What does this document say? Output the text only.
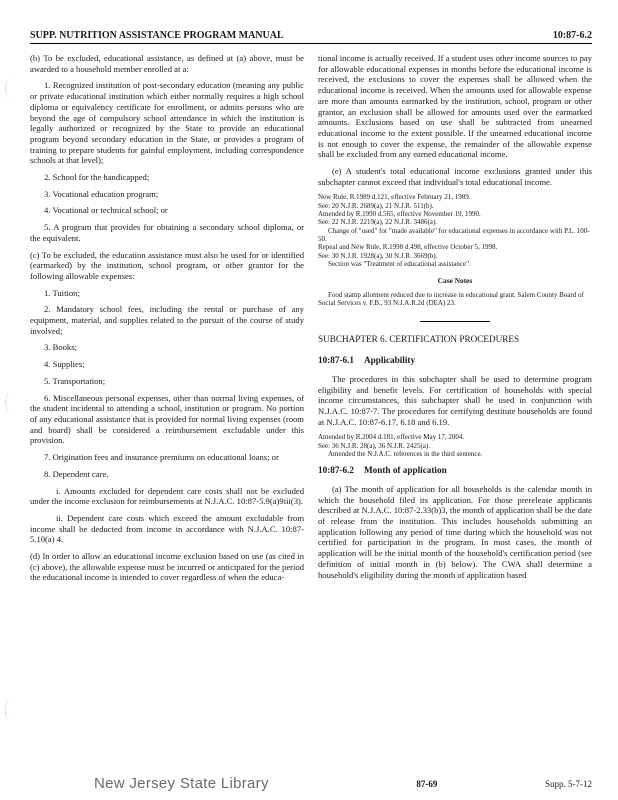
SUPP. NUTRITION ASSISTANCE PROGRAM MANUAL	10:87-6.2

(b) To be excluded, educational assistance, as defined at (a) above, must be awarded to a household member enrolled at a:

1. Recognized institution of post-secondary education (meaning any public or private educational institution which either normally requires a high school diploma or equivalency certificate for enrollment, or admits persons who are beyond the age of compulsory school attendance in which the institution is legally authorized or recognized by the State to provide an educational program beyond secondary education in the State, or provides a program of training to prepare students for gainful employment, including correspondence schools at that level);

2. School for the handicapped;

3. Vocational education program;

4. Vocational or technical school; or

5. A program that provides for obtaining a secondary school diploma, or the equivalent.

(c) To be excluded, the education assistance must also be used for or identified (earmarked) by the institution, school program, or other grantor for the following allowable expenses:

1. Tuition;

2. Mandatory school fees, including the rental or purchase of any equipment, material, and supplies related to the pursuit of the course of study involved;

3. Books;

4. Supplies;

5. Transportation;

6. Miscellaneous personal expenses, other than normal living expenses, of the student incidental to attending a school, institution or program. No portion of any educational assistance that is provided for normal living expenses (room and board) shall be considered a reimbursement excludable under this provision.

7. Origination fees and insurance premiums on educational loans; or

8. Dependent care.

i. Amounts excluded for dependent care costs shall not be excluded under the income exclusion for reimbursements at N.J.A.C. 10:87-5.9(a)9iii(3).

ii. Dependent care costs which exceed the amount excludable from income shall be deducted from income in accordance with N.J.A.C. 10:87-5.10(a) 4.

(d) In order to allow an educational income exclusion based on use (as cited in (c) above), the allowable expense must be incurred or anticipated for the period the educational income is intended to cover regardless of when the educa-

tional income is actually received. If a student uses other income sources to pay for allowable educational expenses in months before the educational income is received, the exclusions to cover the expenses shall be allowed when the educational income is received. When the amounts used for allowable expense are more than amounts earmarked by the institution, school, program or other grantor, an exclusion shall be allowed for amounts used over the earmarked amounts. Exclusions based on use shall be subtracted from unearned educational income to the extent possible. If the unearned educational income is not enough to cover the expense, the remainder of the allowable expense shall be excluded from any earned educational income.

(e) A student's total educational income exclusions granted under this subchapter cannot exceed that individual's total educational income.

New Rule, R.1989 d.121, effective February 21, 1989.

See: 20 N.J.R. 2689(a), 21 N.J.R. 511(b).

Amended by R.1990 d.565, effective November 19, 1990.

See: 22 N.J.R. 2219(a), 22 N.J.R. 3486(a).

Change of "used" for "made available" for educational expenses in accordance with P.L. 100-50.

Repeal and New Rule, R.1998 d.498, effective October 5, 1998.

See: 30 N.J.R. 1928(a), 30 N.J.R. 3669(b).

Section was "Treatment of educational assistance".

Case Notes

Food stamp allotment reduced due to increase in educational grant. Salem County Board of Social Services v. F.B., 93 N.J.A.R.2d (DEA) 23.

SUBCHAPTER 6. CERTIFICATION PROCEDURES
10:87-6.1 Applicability

The procedures in this subchapter shall be used to determine program eligibility and benefit levels. For certification of households with special income circumstances, this subchapter shall be used in conjunction with N.J.A.C. 10:87-7. The procedures for certifying destitute households are found at N.J.A.C. 10:87-6.17, 6.18 and 6.19.

Amended by R.2004 d.181, effective May 17, 2004.

See: 36 N.J.R. 28(a), 36 N.J.R. 2425(a).

Amended the N.J.A.C. references in the third sentence.

10:87-6.2 Month of application

(a) The month of application for all households is the calendar month in which the household filed its application. For those prerelease applicants described at N.J.A.C. 10:87-2.33(b)3, the month of application shall be the date of release from the institution. This includes households submitting an application following any period of time during which the household was not certified for participation in the program. In most cases, the month of application will be the initial month of the household's certification period (see definition of initial month in (b) below). The CWA shall determine a household's eligibility during the month of application based

New Jersey State Library	87-69	Supp. 5-7-12
